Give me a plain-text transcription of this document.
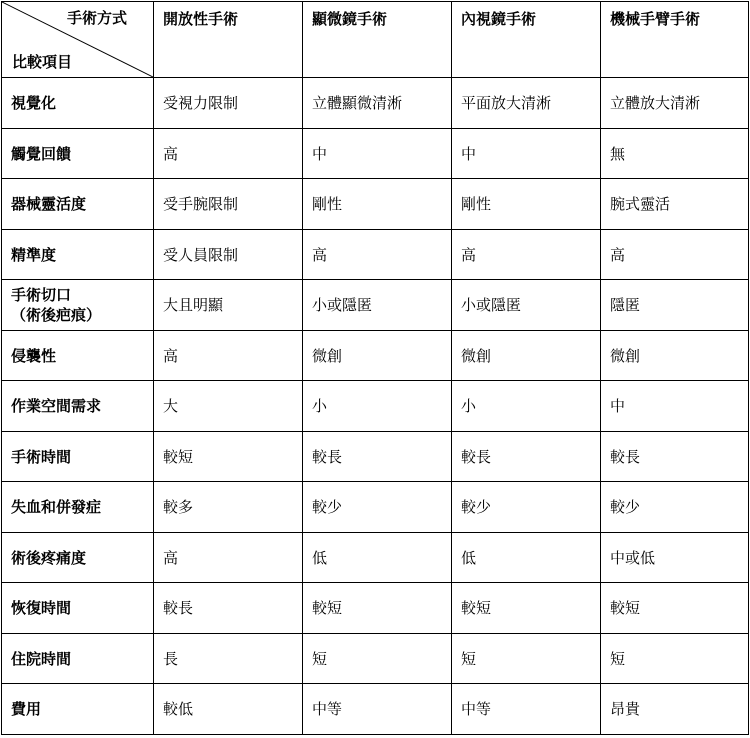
手術方式
比較項目	開放性手術	顯微鏡手術	內視鏡手術	機械手臂手術

視覺化	受視力限制	立體顯微清淅	平面放大清淅	立體放大清淅

觸覺回饋	高	中	中	無

器械靈活度	受手腕限制	剛性	剛性	腕式靈活

精準度	受人員限制	高	高	高

手術切口
（術後疤痕）	大且明顯	小或隱匿	小或隱匿	隱匿

侵襲性	高	微創	微創	微創

作業空間需求	大	小	小	中

手術時間	較短	較長	較長	較長

失血和併發症	較多	較少	較少	較少

術後疼痛度	高	低	低	中或低

恢復時間	較長	較短	較短	較短

住院時間	長	短	短	短

費用	較低	中等	中等	昂貴
